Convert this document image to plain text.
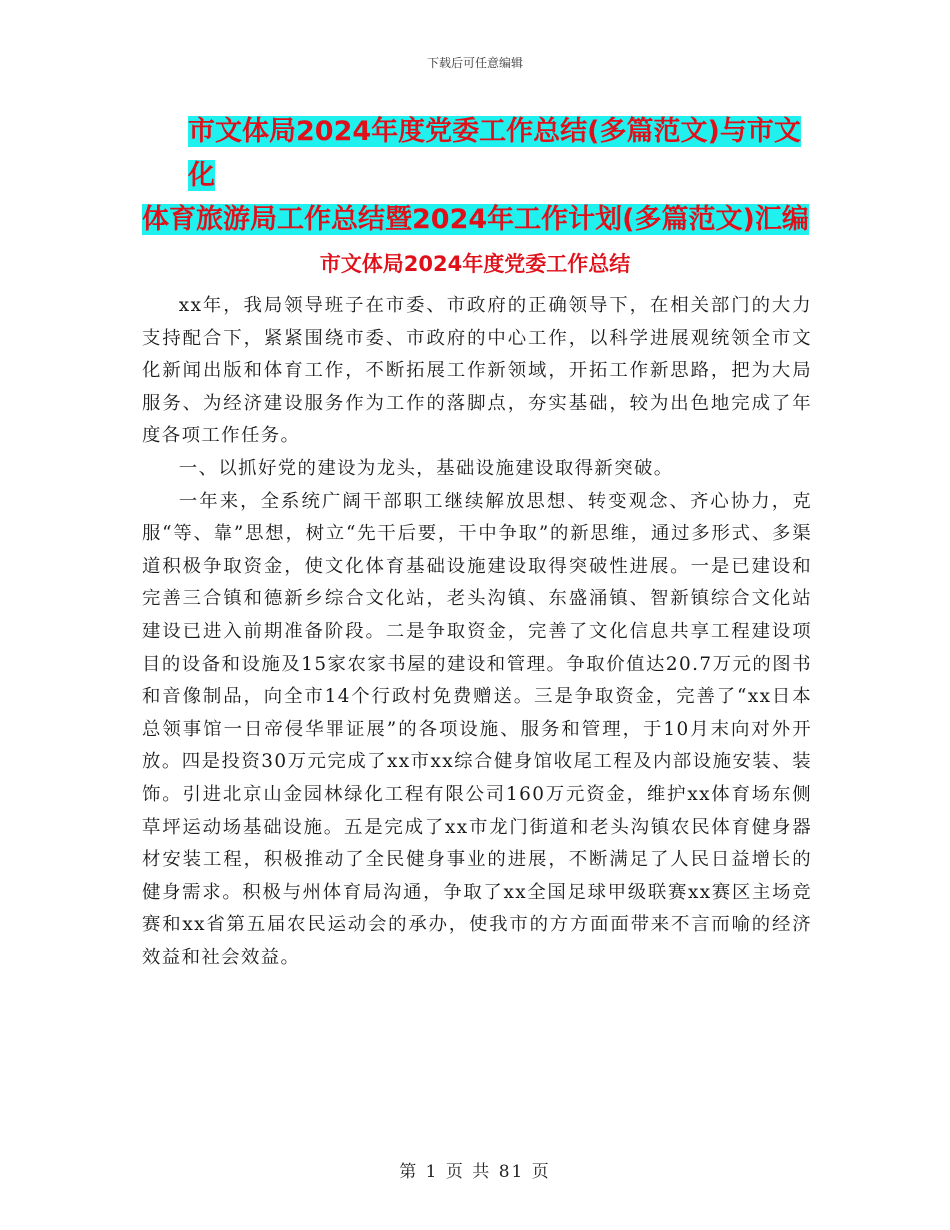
下载后可任意编辑
市文体局2024年度党委工作总结(多篇范文)与市文化
体育旅游局工作总结暨2024年工作计划(多篇范文)汇编
市文体局2024年度党委工作总结

xx年，我局领导班子在市委、市政府的正确领导下，在相关部门的大力支持配合下，紧紧围绕市委、市政府的中心工作，以科学进展观统领全市文化新闻出版和体育工作，不断拓展工作新领域，开拓工作新思路，把为大局服务、为经济建设服务作为工作的落脚点，夯实基础，较为出色地完成了年度各项工作任务。

一、以抓好党的建设为龙头，基础设施建设取得新突破。

一年来，全系统广阔干部职工继续解放思想、转变观念、齐心协力，克服“等、靠”思想，树立“先干后要，干中争取”的新思维，通过多形式、多渠道积极争取资金，使文化体育基础设施建设取得突破性进展。一是已建设和完善三合镇和德新乡综合文化站，老头沟镇、东盛涌镇、智新镇综合文化站建设已进入前期准备阶段。二是争取资金，完善了文化信息共享工程建设项目的设备和设施及15家农家书屋的建设和管理。争取价值达20.7万元的图书和音像制品，向全市14个行政村免费赠送。三是争取资金，完善了“xx日本总领事馆一日帝侵华罪证展”的各项设施、服务和管理，于10月末向对外开放。四是投资30万元完成了xx市xx综合健身馆收尾工程及内部设施安装、装饰。引进北京山金园林绿化工程有限公司160万元资金，维护xx体育场东侧草坪运动场基础设施。五是完成了xx市龙门街道和老头沟镇农民体育健身器材安装工程，积极推动了全民健身事业的进展，不断满足了人民日益增长的健身需求。积极与州体育局沟通，争取了xx全国足球甲级联赛xx赛区主场竞赛和xx省第五届农民运动会的承办，使我市的方方面面带来不言而喻的经济效益和社会效益。

第 1 页 共 81 页
